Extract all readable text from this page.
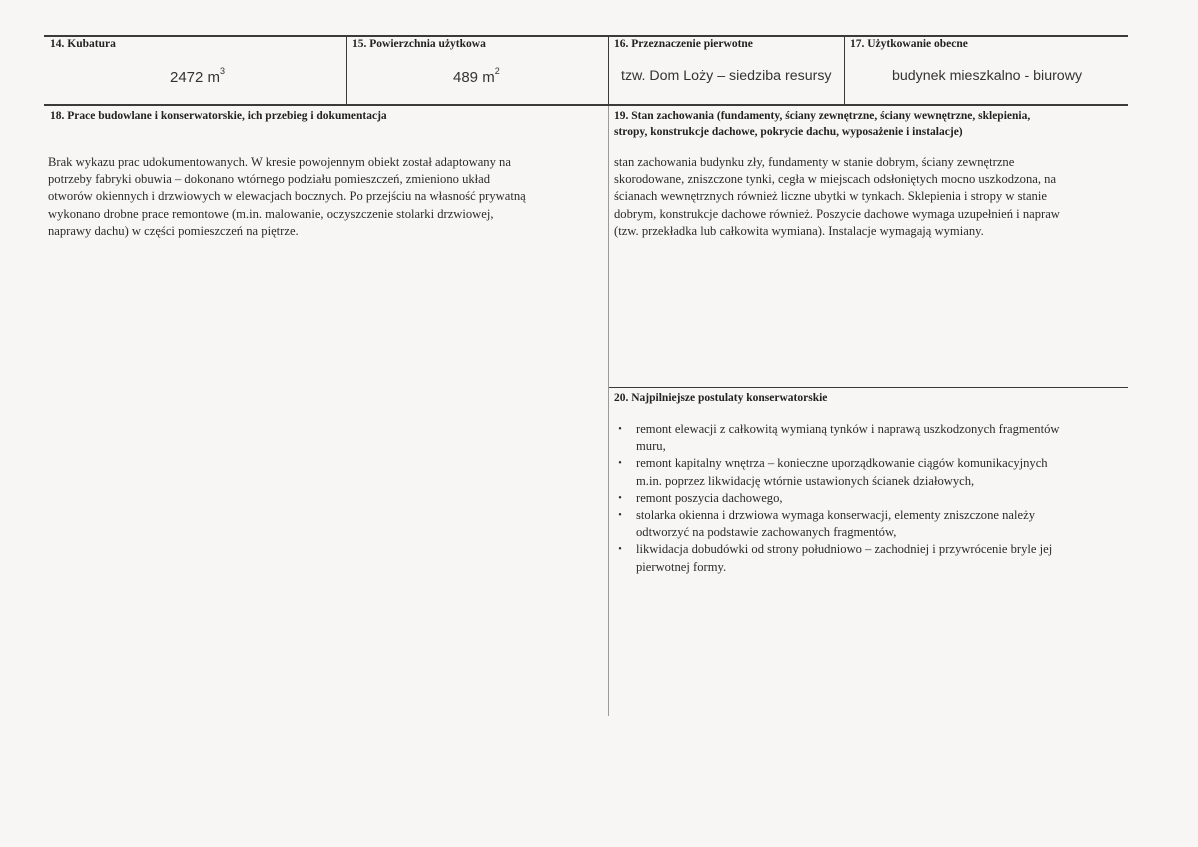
14. Kubatura
2472 $m^3$
15. Powierzchnia użytkowa
489 $m^2$
16. Przeznaczenie pierwotne
tzw. Dom Loży – siedziba resursy
17. Użytkowanie obecne
budynek mieszkalno - biurowy
18. Prace budowlane i konserwatorskie, ich przebieg i dokumentacja
Brak wykazu prac udokumentowanych. W kresie powojennym obiekt został adaptowany na
potrzeby fabryki obuwia – dokonano wtórnego podziału pomieszczeń, zmieniono układ
otworów okiennych i drzwiowych w elewacjach bocznych. Po przejściu na własność prywatną
wykonano drobne prace remontowe (m.in. malowanie, oczyszczenie stolarki drzwiowej,
naprawy dachu) w części pomieszczeń na piętrze.
19. Stan zachowania (fundamenty, ściany zewnętrzne, ściany wewnętrzne, sklepienia,
stropy, konstrukcje dachowe, pokrycie dachu, wyposażenie i instalacje)
stan zachowania budynku zły, fundamenty w stanie dobrym, ściany zewnętrzne
skorodowane, zniszczone tynki, cegła w miejscach odsłoniętych mocno uszkodzona, na
ścianach wewnętrznych również liczne ubytki w tynkach. Sklepienia i stropy w stanie
dobrym, konstrukcje dachowe również. Poszycie dachowe wymaga uzupełnień i napraw
(tzw. przekładka lub całkowita wymiana). Instalacje wymagają wymiany.
20. Najpilniejsze postulaty konserwatorskie
•	remont elewacji z całkowitą wymianą tynków i naprawą uszkodzonych fragmentów
muru,
•	remont kapitalny wnętrza – konieczne uporządkowanie ciągów komunikacyjnych
m.in. poprzez likwidację wtórnie ustawionych ścianek działowych,
•	remont poszycia dachowego,
•	stolarka okienna i drzwiowa wymaga konserwacji, elementy zniszczone należy
odtworzyć na podstawie zachowanych fragmentów,
•	likwidacja dobudówki od strony południowo – zachodniej i przywrócenie bryle jej
pierwotnej formy.
